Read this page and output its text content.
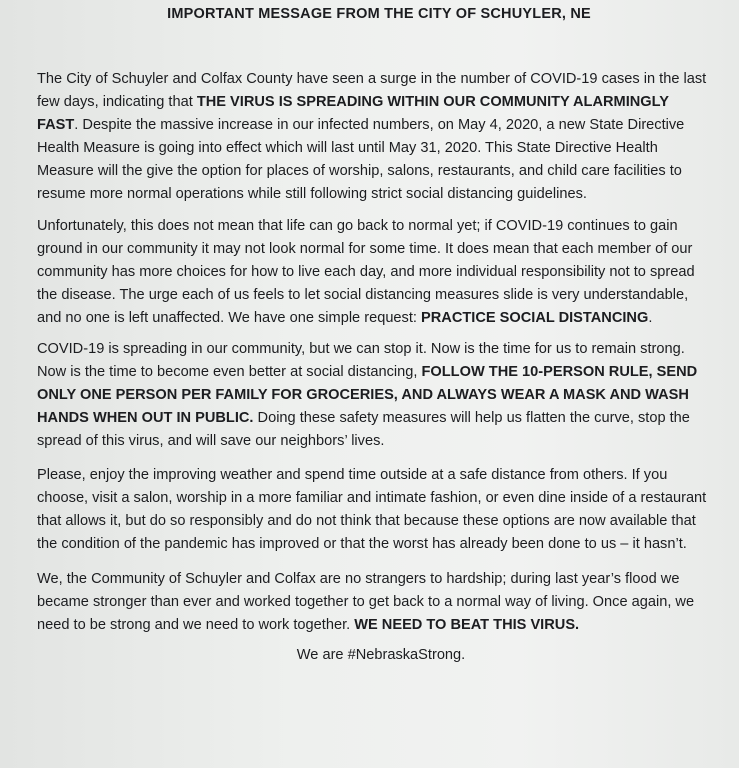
IMPORTANT MESSAGE FROM THE CITY OF SCHUYLER, NE
The City of Schuyler and Colfax County have seen a surge in the number of COVID-19 cases in the last few days, indicating that THE VIRUS IS SPREADING WITHIN OUR COMMUNITY ALARMINGLY FAST. Despite the massive increase in our infected numbers, on May 4, 2020, a new State Directive Health Measure is going into effect which will last until May 31, 2020. This State Directive Health Measure will the give the option for places of worship, salons, restaurants, and child care facilities to resume more normal operations while still following strict social distancing guidelines.
Unfortunately, this does not mean that life can go back to normal yet; if COVID-19 continues to gain ground in our community it may not look normal for some time. It does mean that each member of our community has more choices for how to live each day, and more individual responsibility not to spread the disease. The urge each of us feels to let social distancing measures slide is very understandable, and no one is left unaffected. We have one simple request: PRACTICE SOCIAL DISTANCING.
COVID-19 is spreading in our community, but we can stop it. Now is the time for us to remain strong. Now is the time to become even better at social distancing, FOLLOW THE 10-PERSON RULE, SEND ONLY ONE PERSON PER FAMILY FOR GROCERIES, AND ALWAYS WEAR A MASK AND WASH HANDS WHEN OUT IN PUBLIC. Doing these safety measures will help us flatten the curve, stop the spread of this virus, and will save our neighbors’ lives.
Please, enjoy the improving weather and spend time outside at a safe distance from others. If you choose, visit a salon, worship in a more familiar and intimate fashion, or even dine inside of a restaurant that allows it, but do so responsibly and do not think that because these options are now available that the condition of the pandemic has improved or that the worst has already been done to us – it hasn’t.
We, the Community of Schuyler and Colfax are no strangers to hardship; during last year’s flood we became stronger than ever and worked together to get back to a normal way of living. Once again, we need to be strong and we need to work together. WE NEED TO BEAT THIS VIRUS.
We are #NebraskaStrong.
